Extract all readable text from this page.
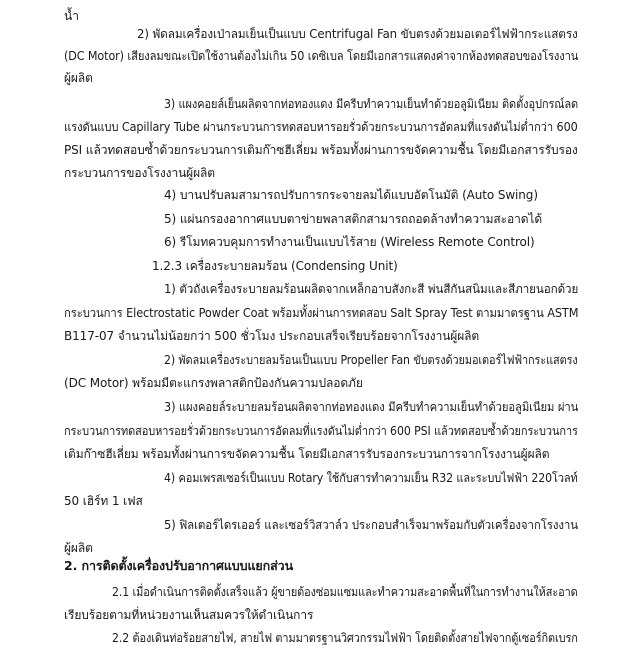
น้ำ
2) พัดลมเครื่องเป่าลมเย็นเป็นแบบ Centrifugal Fan ขับตรงด้วยมอเตอร์ไฟฟ้ากระแสตรง
(DC Motor) เสียงลมขณะเปิดใช้งานต้องไม่เกิน 50 เดซิเบล โดยมีเอกสารแสดงค่าจากห้องทดสอบของโรงงาน
ผู้ผลิต
3) แผงคอยล์เย็นผลิตจากท่อทองแดง มีครีบทำความเย็นทำด้วยอลูมิเนียม ติดตั้งอุปกรณ์ลด
แรงดันแบบ Capillary Tube ผ่านกระบวนการทดสอบหารอยรั่วด้วยกระบวนการอัดลมที่แรงดันไม่ต่ำกว่า 600
PSI แล้วทดสอบซ้ำด้วยกระบวนการเติมก๊าซฮีเลี่ยม พร้อมทั้งผ่านการขจัดความชื้น โดยมีเอกสารรับรอง
กระบวนการของโรงงานผู้ผลิต
4) บานปรับลมสามารถปรับการกระจายลมได้แบบอัตโนมัติ (Auto Swing)
5) แผ่นกรองอากาศแบบตาข่ายพลาสติกสามารถถอดล้างทำความสะอาดได้
6) รีโมทควบคุมการทำงานเป็นแบบไร้สาย (Wireless Remote Control)
1.2.3 เครื่องระบายลมร้อน (Condensing Unit)
1) ตัวถังเครื่องระบายลมร้อนผลิตจากเหล็กอาบสังกะสี พ่นสีกันสนิมและสีภายนอกด้วย
กระบวนการ Electrostatic Powder Coat พร้อมทั้งผ่านการทดสอบ Salt Spray Test ตามมาตรฐาน ASTM
B117-07 จำนวนไม่น้อยกว่า 500 ชั่วโมง ประกอบเสร็จเรียบร้อยจากโรงงานผู้ผลิต
2) พัดลมเครื่องระบายลมร้อนเป็นแบบ Propeller Fan ขับตรงด้วยมอเตอร์ไฟฟ้ากระแสตรง
(DC Motor) พร้อมมีตะแกรงพลาสติกป้องกันความปลอดภัย
3) แผงคอยล์ระบายลมร้อนผลิตจากท่อทองแดง มีครีบทำความเย็นทำด้วยอลูมิเนียม ผ่าน
กระบวนการทดสอบหารอยรั่วด้วยกระบวนการอัดลมที่แรงดันไม่ต่ำกว่า 600 PSI แล้วทดสอบซ้ำด้วยกระบวนการ
เติมก๊าซฮีเลี่ยม พร้อมทั้งผ่านการขจัดความชื้น โดยมีเอกสารรับรองกระบวนการจากโรงงานผู้ผลิต
4) คอมเพรสเซอร์เป็นแบบ Rotary ใช้กับสารทำความเย็น R32 และระบบไฟฟ้า 220โวลท์
50 เฮิร์ท 1 เฟส
5) ฟิลเตอร์ไดรเออร์ และเซอร์วิสวาล์ว ประกอบสำเร็จมาพร้อมกับตัวเครื่องจากโรงงาน
ผู้ผลิต
2. การติดตั้งเครื่องปรับอากาศแบบแยกส่วน
2.1 เมื่อดำเนินการติดตั้งเสร็จแล้ว ผู้ขายต้องซ่อมแซมและทำความสะอาดพื้นที่ในการทำงานให้สะอาด
เรียบร้อยตามที่หน่วยงานเห็นสมควรให้ดำเนินการ
2.2 ต้องเดินท่อร้อยสายไฟ, สายไฟ ตามมาตรฐานวิศวกรรมไฟฟ้า โดยติดตั้งสายไฟจากตู้เซอร์กิตเบรก
